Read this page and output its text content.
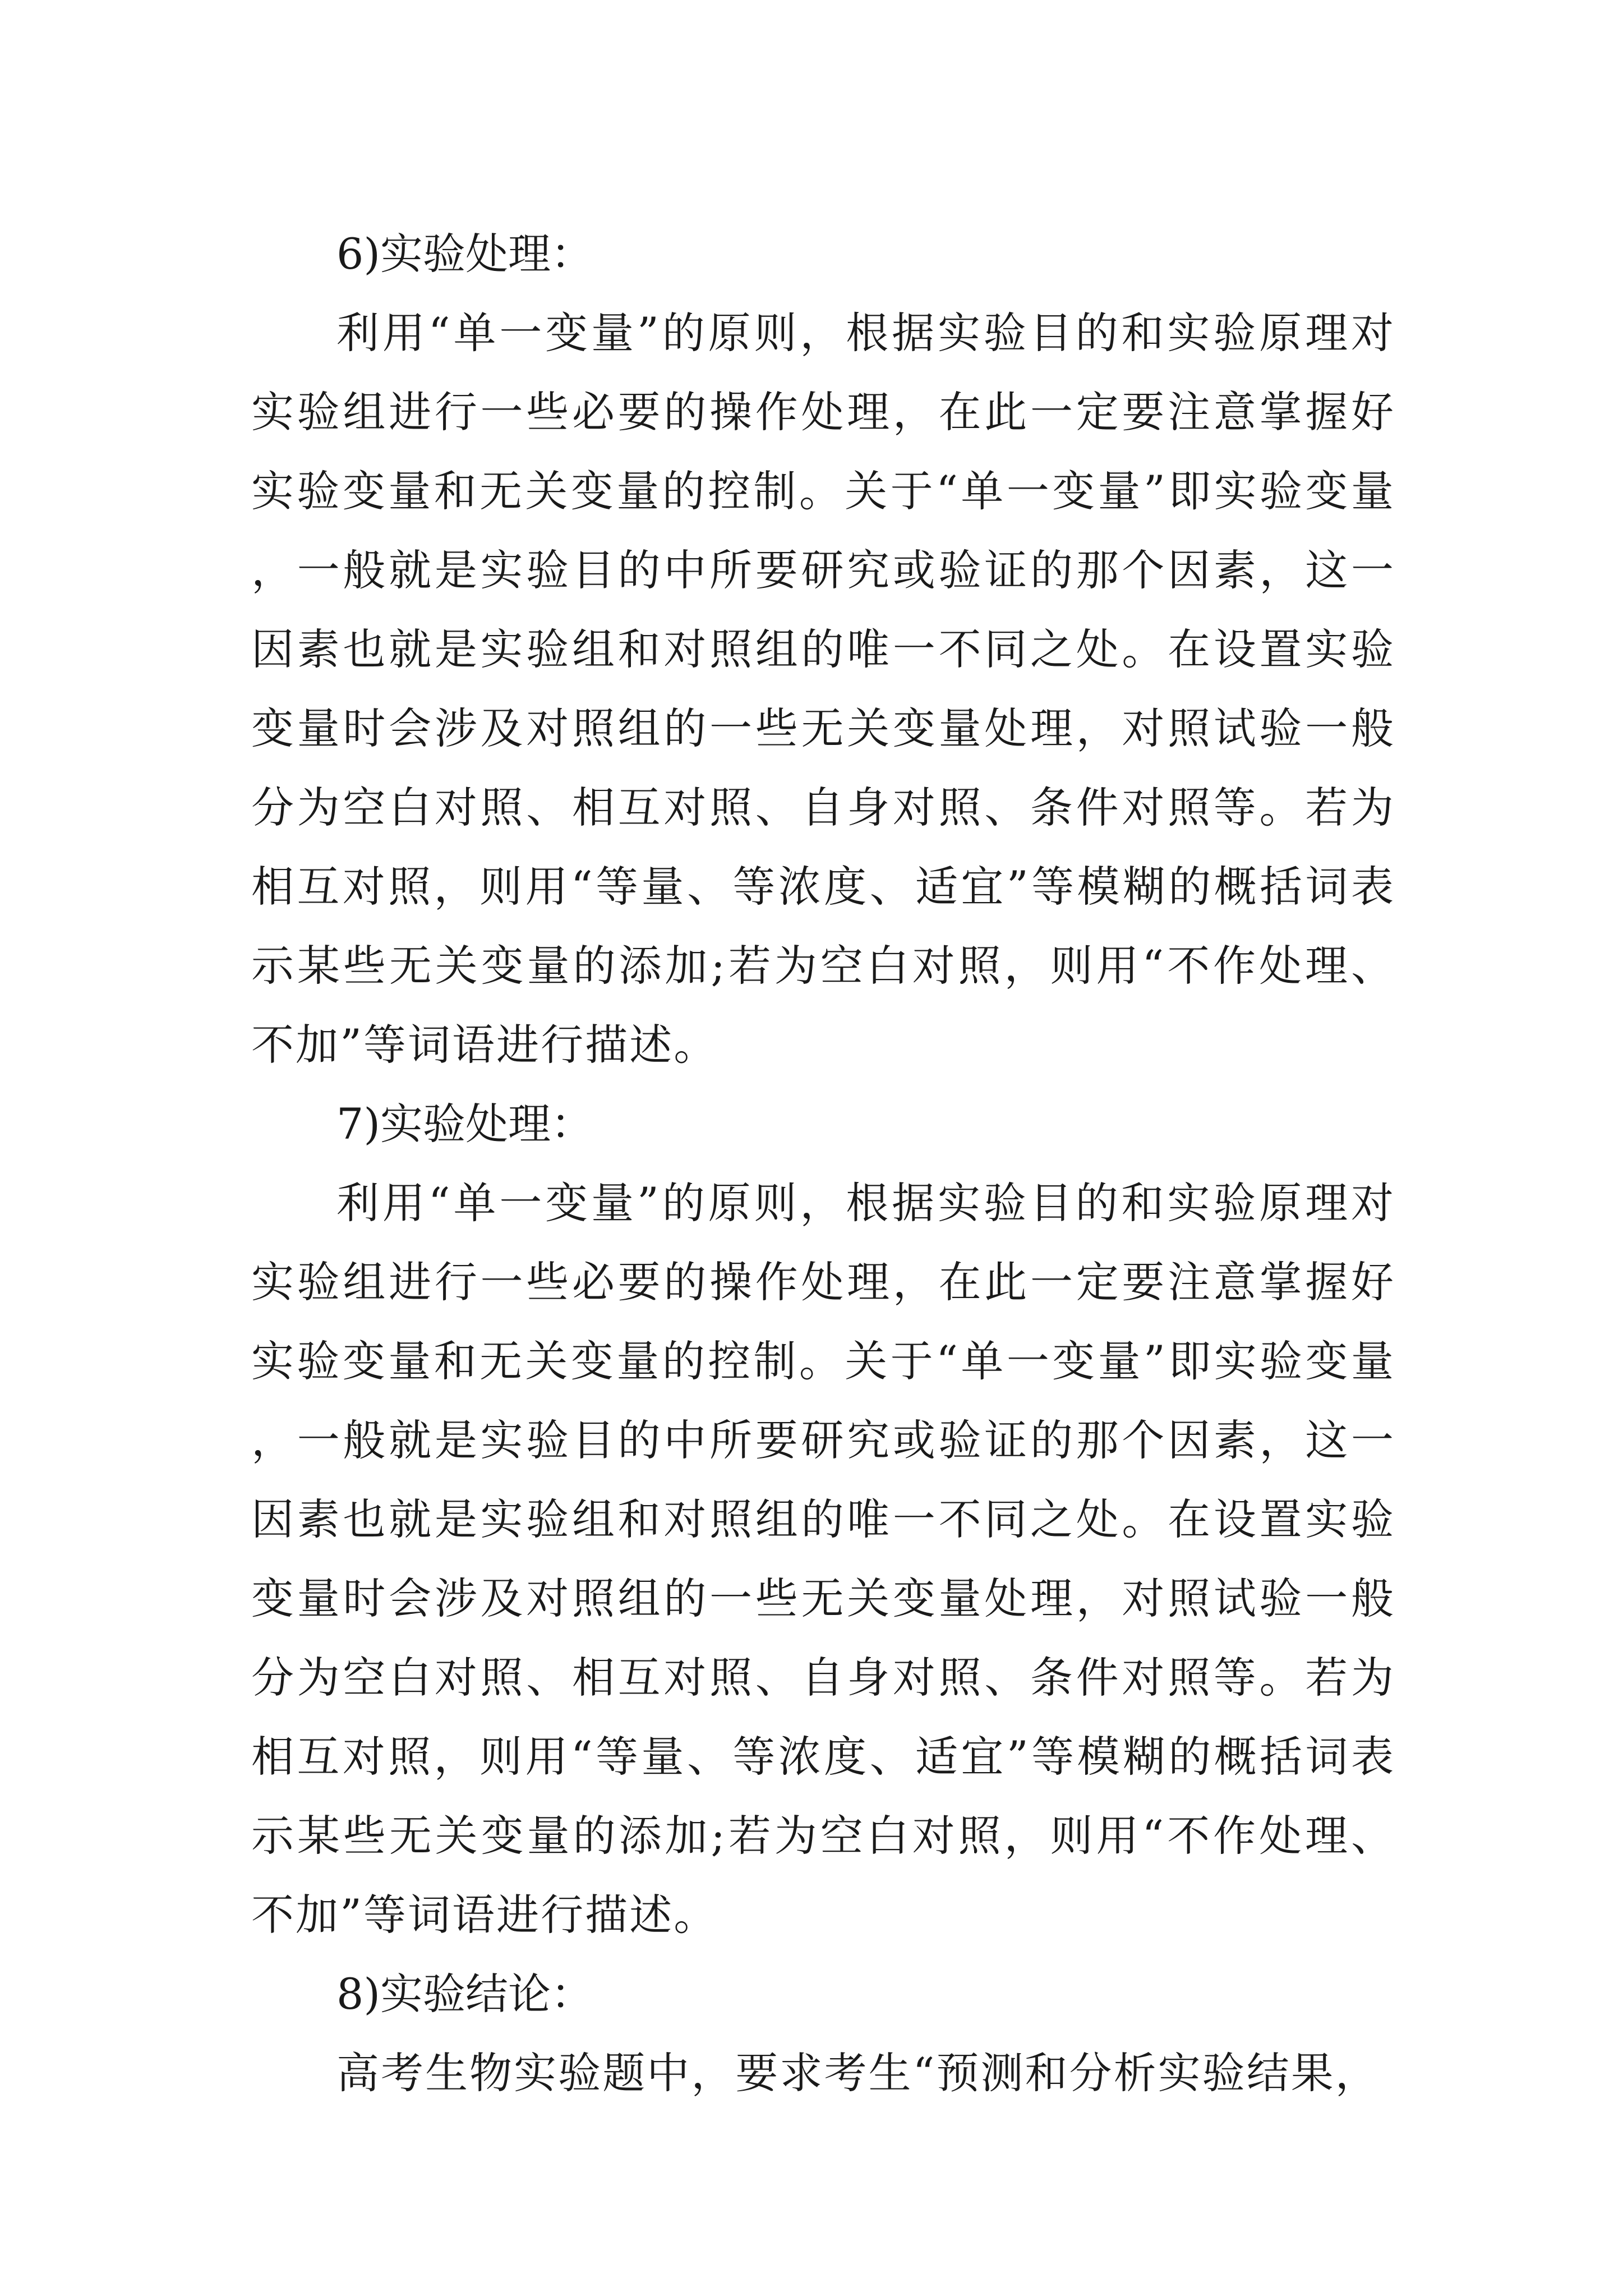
6)实验处理：

利用“单一变量”的原则，根据实验目的和实验原理对实验组进行一些必要的操作处理，在此一定要注意掌握好实验变量和无关变量的控制。关于“单一变量”即实验变量，一般就是实验目的中所要研究或验证的那个因素，这一因素也就是实验组和对照组的唯一不同之处。在设置实验变量时会涉及对照组的一些无关变量处理，对照试验一般分为空白对照、相互对照、自身对照、条件对照等。若为相互对照，则用“等量、等浓度、适宜”等模糊的概括词表示某些无关变量的添加;若为空白对照，则用“不作处理、不加”等词语进行描述。

7)实验处理：

利用“单一变量”的原则，根据实验目的和实验原理对实验组进行一些必要的操作处理，在此一定要注意掌握好实验变量和无关变量的控制。关于“单一变量”即实验变量，一般就是实验目的中所要研究或验证的那个因素，这一因素也就是实验组和对照组的唯一不同之处。在设置实验变量时会涉及对照组的一些无关变量处理，对照试验一般分为空白对照、相互对照、自身对照、条件对照等。若为相互对照，则用“等量、等浓度、适宜”等模糊的概括词表示某些无关变量的添加;若为空白对照，则用“不作处理、不加”等词语进行描述。

8)实验结论：

高考生物实验题中，要求考生“预测和分析实验结果，
